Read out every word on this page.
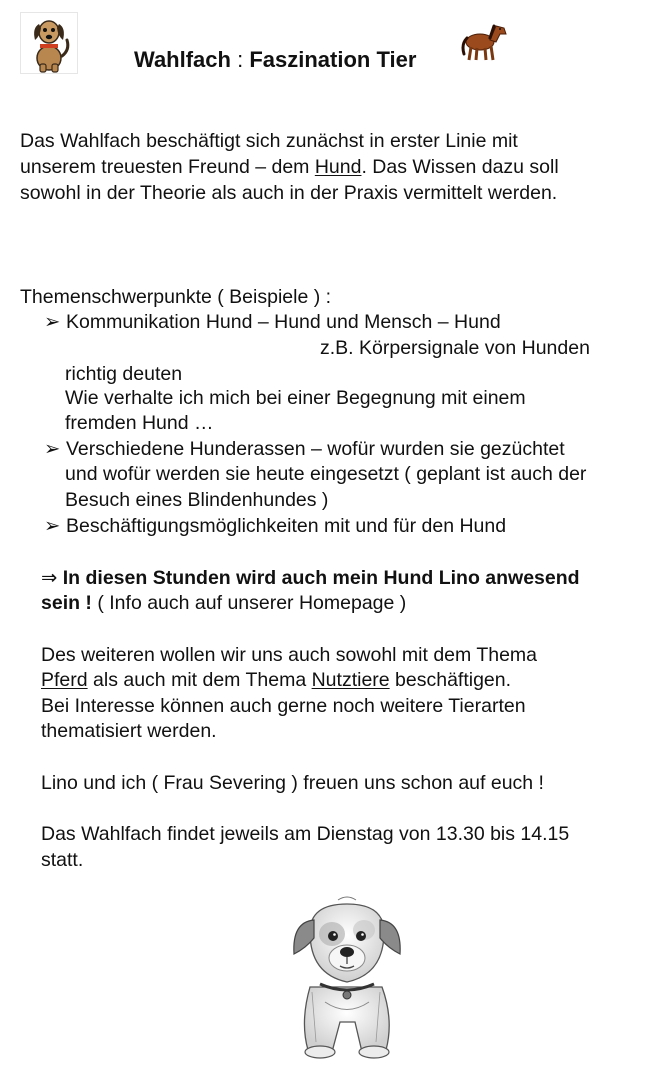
Wahlfach : Faszination Tier
Das Wahlfach beschäftigt sich zunächst in erster Linie mit
unserem treuesten Freund – dem Hund. Das Wissen dazu soll
sowohl in der Theorie als auch in der Praxis vermittelt werden.
Themenschwerpunkte ( Beispiele ) :
➢ Kommunikation Hund – Hund und Mensch – Hund
z.B. Körpersignale von Hunden
richtig deuten
Wie verhalte ich mich bei einer Begegnung mit einem
fremden Hund …
➢ Verschiedene Hunderassen – wofür wurden sie gezüchtet
und wofür werden sie heute eingesetzt ( geplant ist auch der
Besuch eines Blindenhundes )
➢ Beschäftigungsmöglichkeiten mit und für den Hund
⇒ In diesen Stunden wird auch mein Hund Lino anwesend
sein ! ( Info auch auf unserer Homepage )
Des weiteren wollen wir uns auch sowohl mit dem Thema
Pferd als auch mit dem Thema Nutztiere beschäftigen.
Bei Interesse können auch gerne noch weitere Tierarten
thematisiert werden.
Lino und ich ( Frau Severing ) freuen uns schon auf euch !
Das Wahlfach findet jeweils am Dienstag von 13.30 bis 14.15
statt.
